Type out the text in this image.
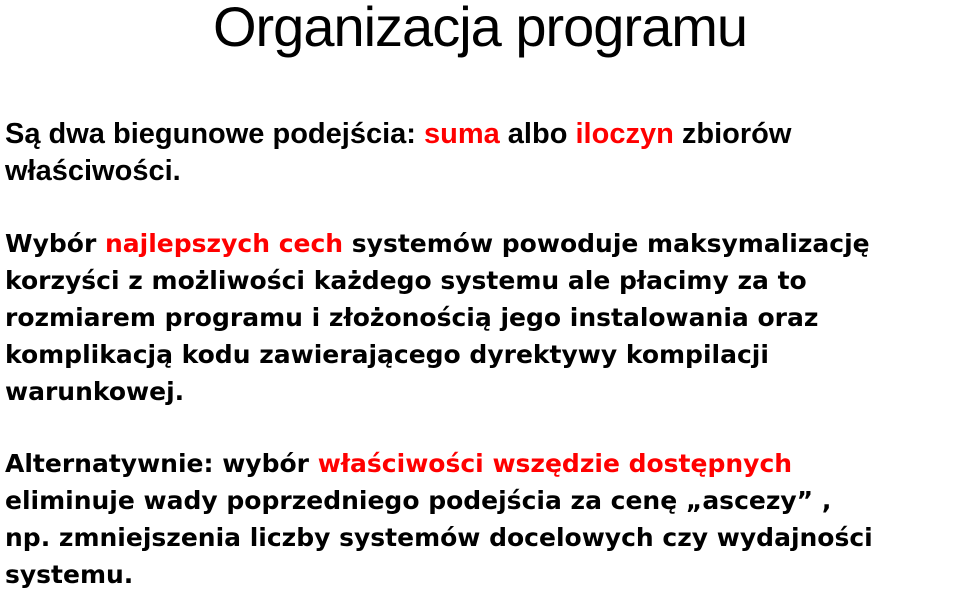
Organizacja programu

Są dwa biegunowe podejścia: suma albo iloczyn zbiorów
właściwości.

Wybór najlepszych cech systemów powoduje maksymalizację
korzyści z możliwości każdego systemu ale płacimy za to
rozmiarem programu i złożonością jego instalowania oraz
komplikacją kodu zawierającego dyrektywy kompilacji
warunkowej.

Alternatywnie: wybór właściwości wszędzie dostępnych
eliminuje wady poprzedniego podejścia za cenę „ascezy” ,
np. zmniejszenia liczby systemów docelowych czy wydajności
systemu.
